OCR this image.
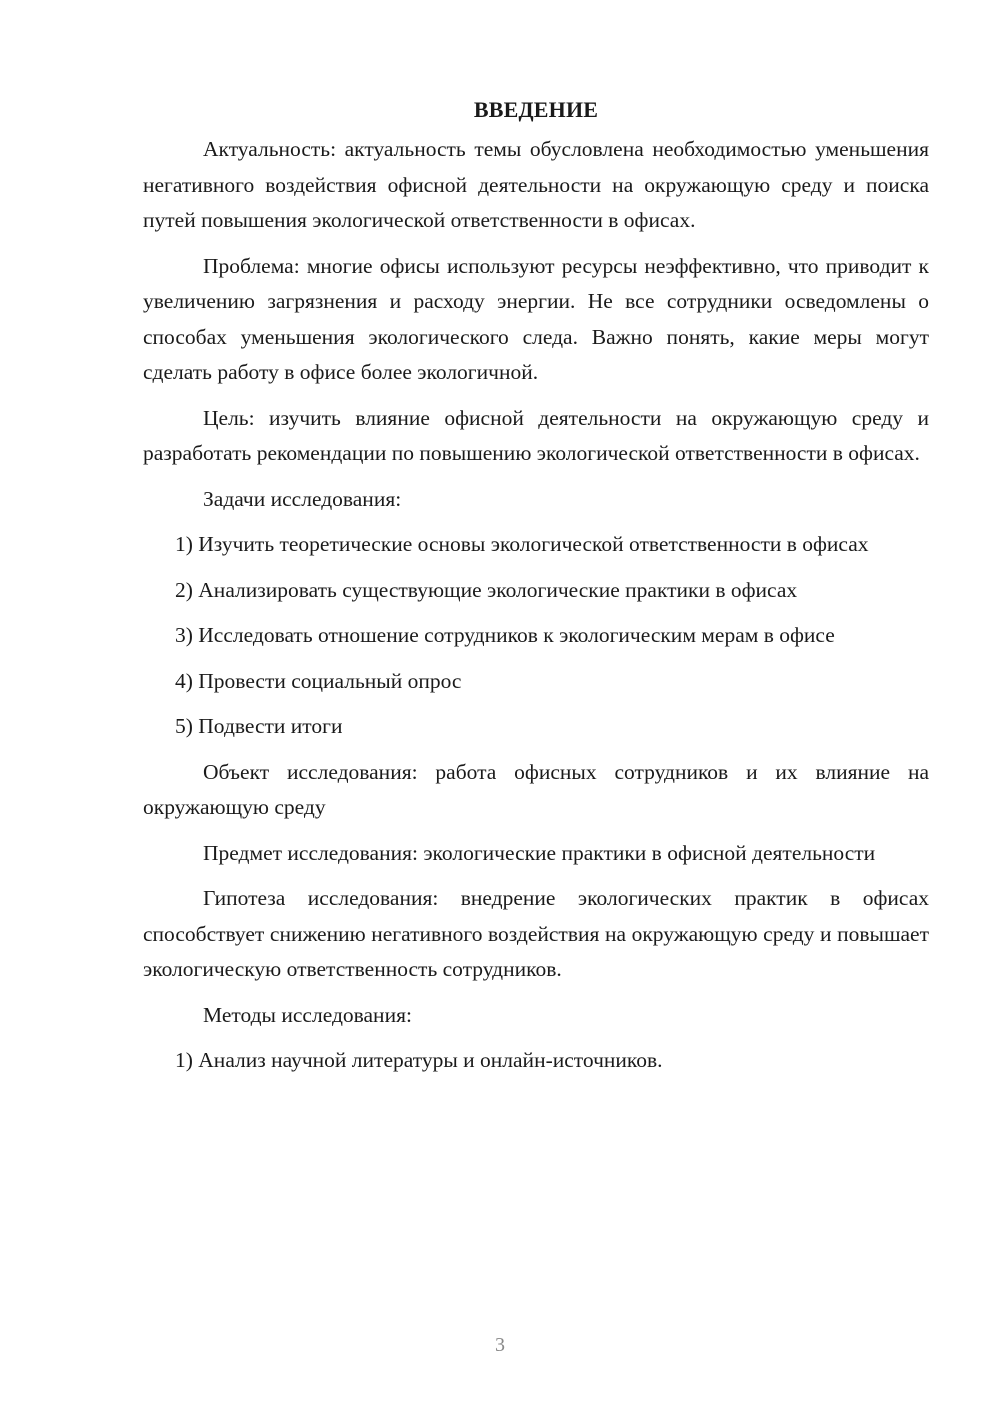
ВВЕДЕНИЕ

Актуальность: актуальность темы обусловлена необходимостью уменьшения негативного воздействия офисной деятельности на окружающую среду и поиска путей повышения экологической ответственности в офисах.

Проблема: многие офисы используют ресурсы неэффективно, что приводит к увеличению загрязнения и расходу энергии. Не все сотрудники осведомлены о способах уменьшения экологического следа. Важно понять, какие меры могут сделать работу в офисе более экологичной.

Цель: изучить влияние офисной деятельности на окружающую среду и разработать рекомендации по повышению экологической ответственности в офисах.

Задачи исследования:

1) Изучить теоретические основы экологической ответственности в офисах

2) Анализировать существующие экологические практики в офисах

3) Исследовать отношение сотрудников к экологическим мерам в офисе

4) Провести социальный опрос

5) Подвести итоги

Объект исследования: работа офисных сотрудников и их влияние на окружающую среду

Предмет исследования: экологические практики в офисной деятельности

Гипотеза исследования: внедрение экологических практик в офисах способствует снижению негативного воздействия на окружающую среду и повышает экологическую ответственность сотрудников.

Методы исследования:

1) Анализ научной литературы и онлайн-источников.

3
